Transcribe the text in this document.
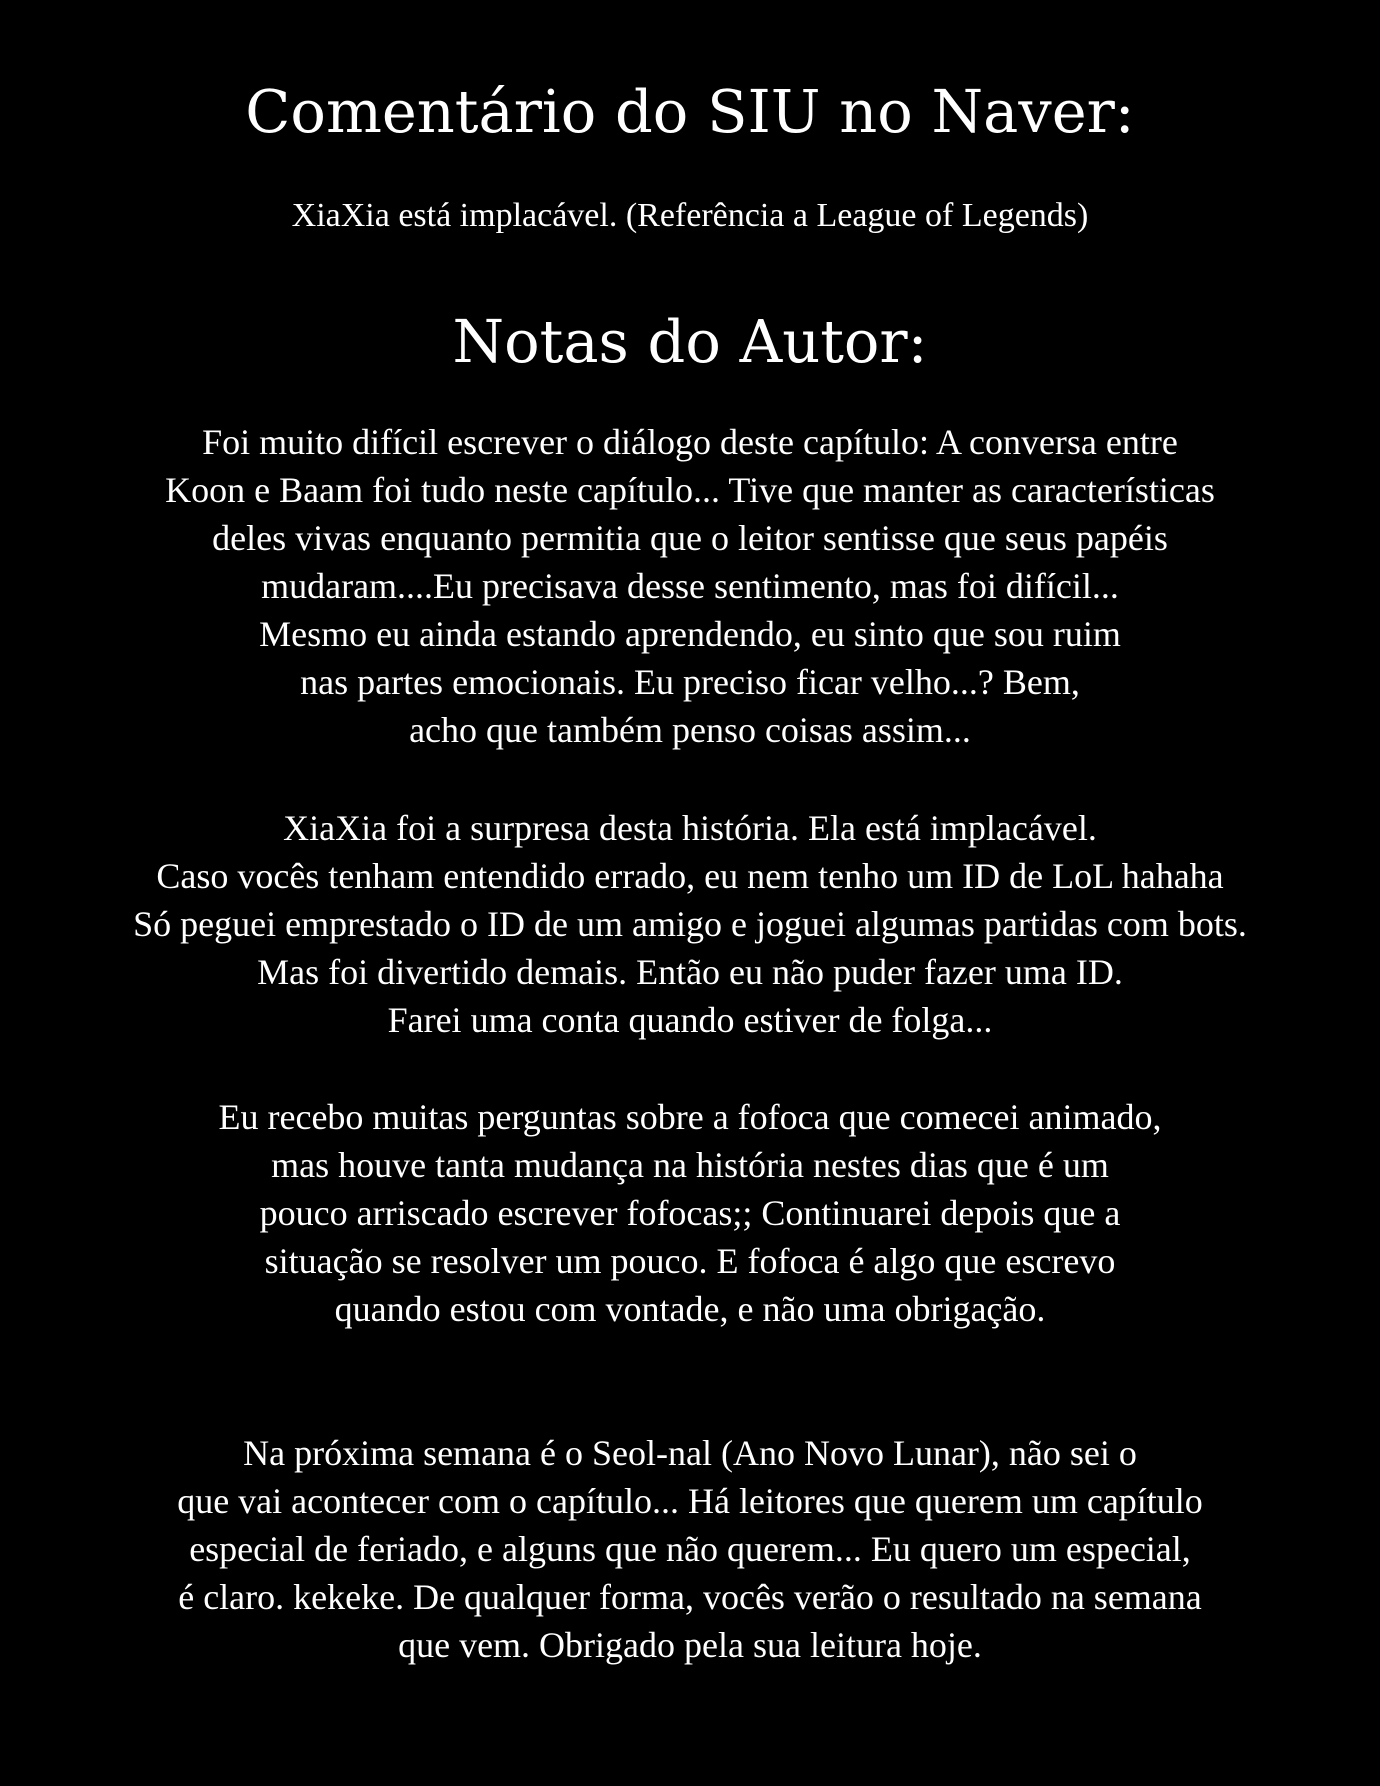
Comentário do SIU no Naver:
XiaXia está implacável. (Referência a League of Legends)
Notas do Autor:
Foi muito difícil escrever o diálogo deste capítulo: A conversa entre
Koon e Baam foi tudo neste capítulo... Tive que manter as características
deles vivas enquanto permitia que o leitor sentisse que seus papéis
mudaram....Eu precisava desse sentimento, mas foi difícil...
Mesmo eu ainda estando aprendendo, eu sinto que sou ruim
nas partes emocionais. Eu preciso ficar velho...? Bem,
acho que também penso coisas assim...
XiaXia foi a surpresa desta história. Ela está implacável.
Caso vocês tenham entendido errado, eu nem tenho um ID de LoL hahaha
Só peguei emprestado o ID de um amigo e joguei algumas partidas com bots.
Mas foi divertido demais. Então eu não puder fazer uma ID.
Farei uma conta quando estiver de folga...
Eu recebo muitas perguntas sobre a fofoca que comecei animado,
mas houve tanta mudança na história nestes dias que é um
pouco arriscado escrever fofocas;; Continuarei depois que a
situação se resolver um pouco. E fofoca é algo que escrevo
quando estou com vontade, e não uma obrigação.
Na próxima semana é o Seol-nal (Ano Novo Lunar), não sei o
que vai acontecer com o capítulo... Há leitores que querem um capítulo
especial de feriado, e alguns que não querem... Eu quero um especial,
é claro. kekeke. De qualquer forma, vocês verão o resultado na semana
que vem. Obrigado pela sua leitura hoje.
